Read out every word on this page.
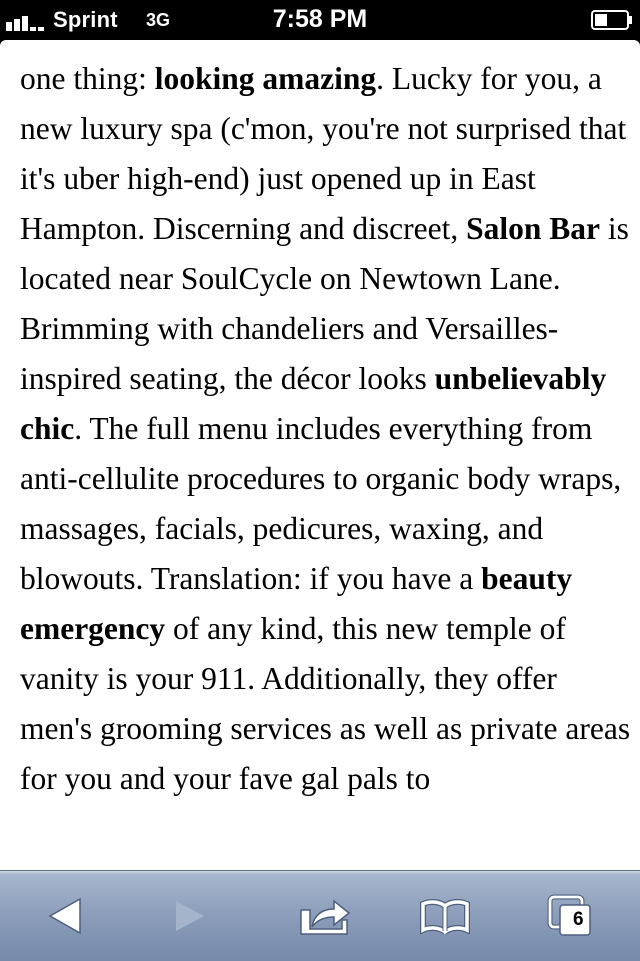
Sprint 3G	7:58 PM

one thing: looking amazing. Lucky for you, a new luxury spa (c'mon, you're not surprised that it's uber high-end) just opened up in East Hampton. Discerning and discreet, Salon Bar is located near SoulCycle on Newtown Lane. Brimming with chandeliers and Versailles-inspired seating, the décor looks unbelievably chic. The full menu includes everything from anti-cellulite procedures to organic body wraps, massages, facials, pedicures, waxing, and blowouts. Translation: if you have a beauty emergency of any kind, this new temple of vanity is your 911. Additionally, they offer men's grooming services as well as private areas for you and your fave gal pals to

6
